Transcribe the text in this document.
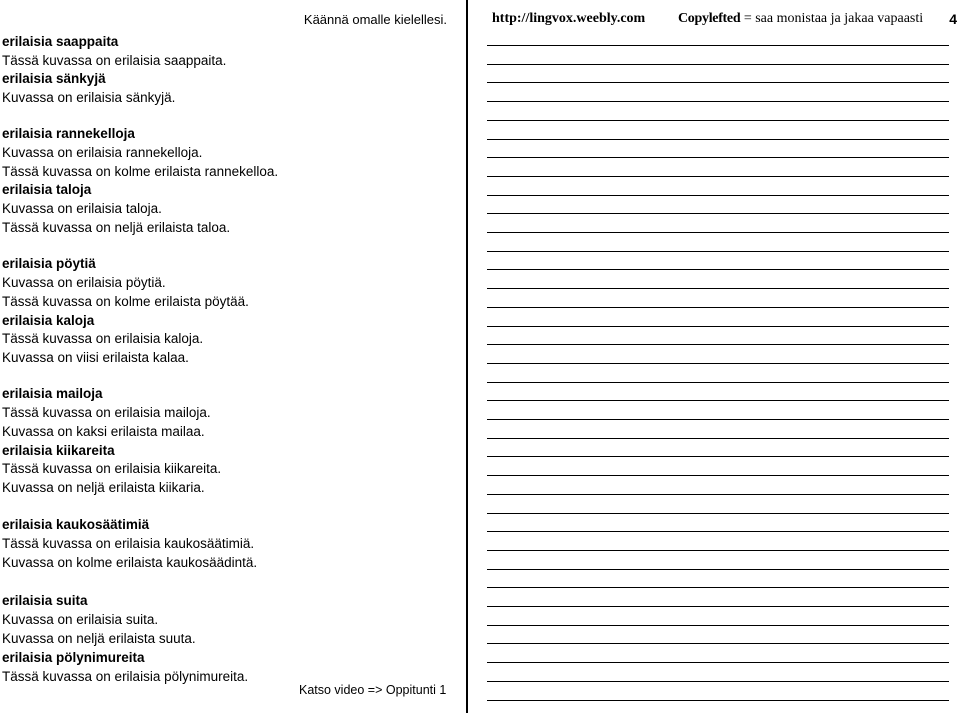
erilaisia saappaita
Tässä kuvassa on erilaisia saappaita.
erilaisia sänkyjä
Kuvassa on erilaisia sänkyjä.
erilaisia rannekelloja
Kuvassa on erilaisia rannekelloja.
Tässä kuvassa on kolme erilaista rannekelloa.
erilaisia taloja
Kuvassa on erilaisia taloja.
Tässä kuvassa on neljä erilaista taloa.
erilaisia pöytiä
Kuvassa on erilaisia pöytiä.
Tässä kuvassa on kolme erilaista pöytää.
erilaisia kaloja
Tässä kuvassa on erilaisia kaloja.
Kuvassa on viisi erilaista kalaa.
erilaisia mailoja
Tässä kuvassa on erilaisia mailoja.
Kuvassa on kaksi erilaista mailaa.
erilaisia kiikareita
Tässä kuvassa on erilaisia kiikareita.
Kuvassa on neljä erilaista kiikaria.
erilaisia kaukosäätimiä
Tässä kuvassa on erilaisia kaukosäätimiä.
Kuvassa on kolme erilaista kaukosäädintä.
erilaisia suita
Kuvassa on erilaisia suita.
Kuvassa on neljä erilaista suuta.
erilaisia pölynimureita
Tässä kuvassa on erilaisia pölynimureita.
Käännä omalle kielellesi.	http://lingvox.weebly.com Copylefted = saa monistaa ja jakaa vapaasti 4
Katso video => Oppitunti 1
